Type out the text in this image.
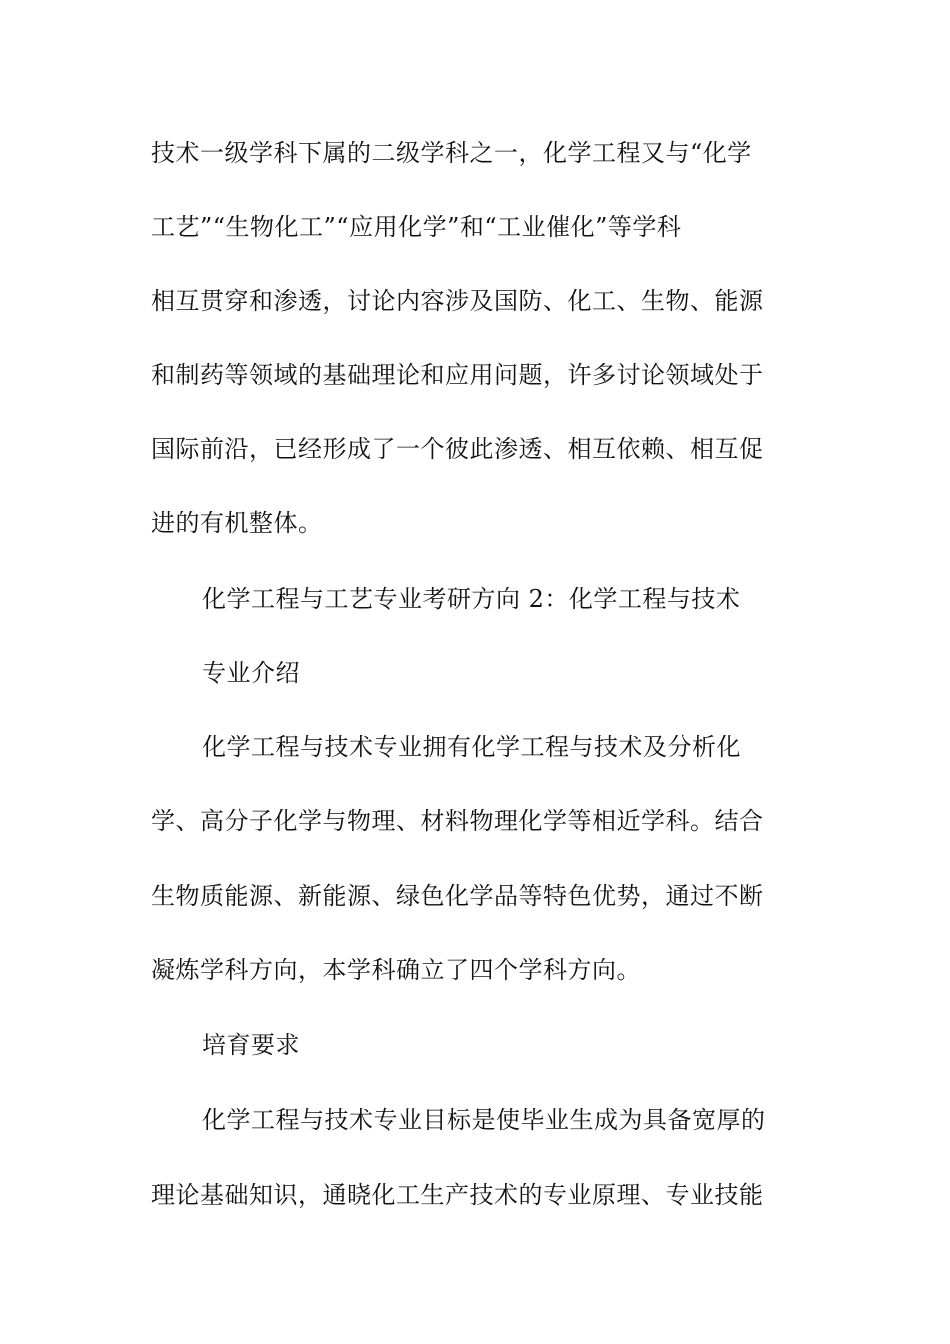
技术一级学科下属的二级学科之一，化学工程又与“化学
工艺”“生物化工”“应用化学”和“工业催化”等学科
相互贯穿和渗透，讨论内容涉及国防、化工、生物、能源
和制药等领域的基础理论和应用问题，许多讨论领域处于
国际前沿，已经形成了一个彼此渗透、相互依赖、相互促
进的有机整体。
化学工程与工艺专业考研方向 2：化学工程与技术
专业介绍
化学工程与技术专业拥有化学工程与技术及分析化
学、高分子化学与物理、材料物理化学等相近学科。结合
生物质能源、新能源、绿色化学品等特色优势，通过不断
凝炼学科方向，本学科确立了四个学科方向。
培育要求
化学工程与技术专业目标是使毕业生成为具备宽厚的
理论基础知识，通晓化工生产技术的专业原理、专业技能
